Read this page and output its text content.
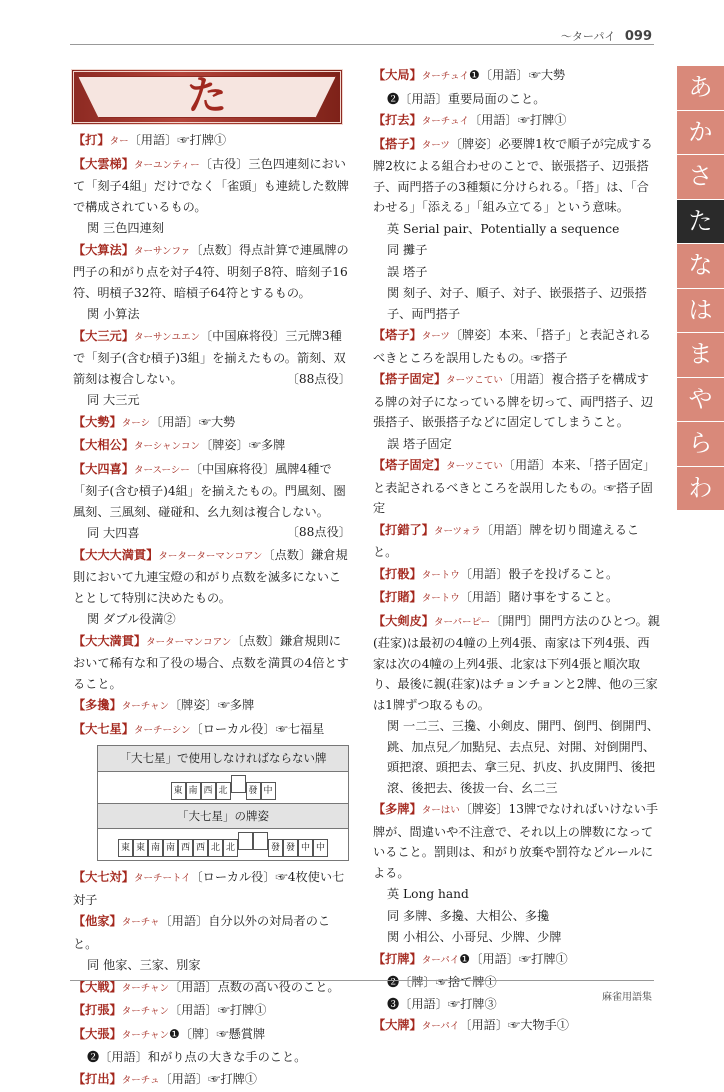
〜ターパイ 099
あ
か
さ
た
な
は
ま
や
ら
わ
た
【打】ター〔用語〕☞打牌①
【大雲梯】ターユンティー〔古役〕三色四連刻において「刻子4組」だけでなく「雀頭」も連続した数牌で構成されているもの。
関 三色四連刻
【大算法】ターサンファ〔点数〕得点計算で連風牌の門子の和がり点を対子4符、明刻子8符、暗刻子16符、明槓子32符、暗槓子64符とするもの。
関 小算法
【大三元】ターサンユエン〔中国麻将役〕三元牌3種で「刻子(含む槓子)3組」を揃えたもの。箭刻、双箭刻は複合しない。	〔88点役〕
同 大三元
【大勢】ターシ〔用語〕☞大勢
【大相公】ターシャンコン〔牌姿〕☞多牌
【大四喜】タースーシー〔中国麻将役〕風牌4種で「刻子(含む槓子)4組」を揃えたもの。門風刻、圏風刻、三風刻、碰碰和、幺九刻は複合しない。
〔88点役〕
同 大四喜
【大大大満貫】ターターターマンコアン〔点数〕鎌倉規則において九連宝燈の和がり点数を滅多にないこととして特別に決めたもの。
関 ダブル役満②
【大大満貫】ターターマンコアン〔点数〕鎌倉規則において稀有な和了役の場合、点数を満貫の4倍とすること。
【多攙】ターチャン〔牌姿〕☞多牌
【大七星】ターチーシン〔ローカル役〕☞七福星
「大七星」で使用しなければならない牌
東 南 西 北 發 中
「大七星」の牌姿
東 東 南 南 西 西 北 北	發 發 中 中
【大七対】ターチートイ〔ローカル役〕☞4枚使い七対子
【他家】ターチャ〔用語〕自分以外の対局者のこと。
同 他家、三家、別家
【大戦】ターチャン〔用語〕点数の高い役のこと。
【打張】ターチャン〔用語〕☞打牌①
【大張】ターチャン❶〔牌〕☞懸賞牌
❷〔用語〕和がり点の大きな手のこと。
【打出】ターチュ〔用語〕☞打牌①
【大局】ターチュイ❶〔用語〕☞大勢
❷〔用語〕重要局面のこと。
【打去】ターチュイ〔用語〕☞打牌①
【搭子】ターツ〔牌姿〕必要牌1枚で順子が完成する牌2枚による組合わせのことで、嵌張搭子、辺張搭子、両門搭子の3種類に分けられる。「搭」は、「合わせる」「添える」「組み立てる」という意味。
英 Serial pair、Potentially a sequence
同 攤子
誤 塔子
関 刻子、対子、順子、対子、嵌張搭子、辺張搭子、両門搭子
【塔子】ターツ〔牌姿〕本来、「搭子」と表記されるべきところを誤用したもの。☞搭子
【搭子固定】ターツこてい〔用語〕複合搭子を構成する牌の対子になっている牌を切って、両門搭子、辺張搭子、嵌張搭子などに固定してしまうこと。
誤 塔子固定
【塔子固定】ターツこてい〔用語〕本来、「搭子固定」と表記されるべきところを誤用したもの。☞搭子固定
【打錯了】ターツォラ〔用語〕牌を切り間違えること。
【打骰】タートウ〔用語〕骰子を投げること。
【打賭】タートウ〔用語〕賭け事をすること。
【大剣皮】ターパーピー〔開門〕開門方法のひとつ。親(荘家)は最初の4幢の上列4張、南家は下列4張、西家は次の4幢の上列4張、北家は下列4張と順次取り、最後に親(荘家)はチョンチョンと2牌、他の三家は1牌ずつ取るもの。
関 一二三、三攙、小剣皮、開門、倒門、倒開門、跳、加点兒／加點兒、去点兒、対開、対倒開門、頭把滾、頭把去、拿三兒、扒皮、扒皮開門、後把滾、後把去、後拔一台、幺二三
【多牌】ターはい〔牌姿〕13牌でなければいけない手牌が、間違いや不注意で、それ以上の牌数になっていること。罰則は、和がり放棄や罰符などルールによる。
英 Long hand
同 多牌、多攙、大相公、多攙
関 小相公、小哥兒、少牌、少牌
【打牌】ターパイ❶〔用語〕☞打牌①
❷〔牌〕☞捨て牌①
❸〔用語〕☞打牌③
【大牌】ターパイ〔用語〕☞大物手①
麻雀用語集
